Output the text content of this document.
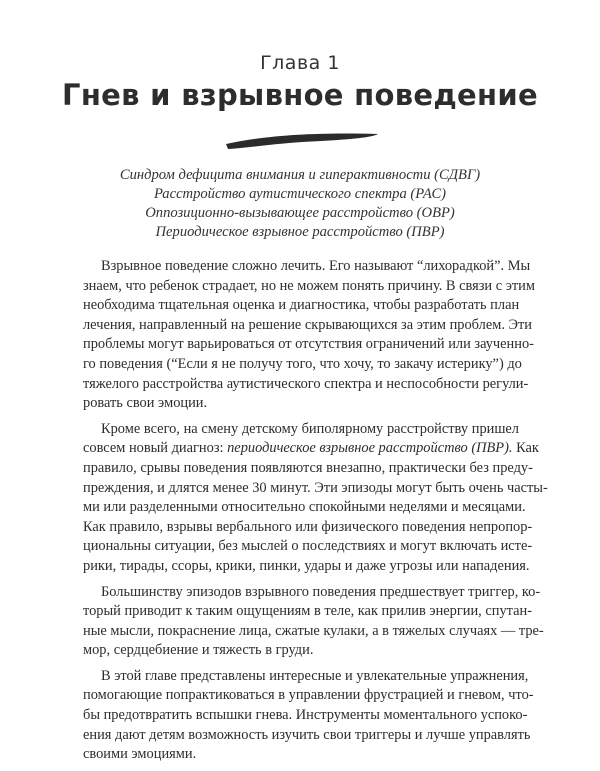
Глава 1
Гнев и взрывное поведение
Синдром дефицита внимания и гиперактивности (СДВГ)
Расстройство аутистического спектра (РАС)
Оппозиционно-вызывающее расстройство (ОВР)
Периодическое взрывное расстройство (ПВР)
Взрывное поведение сложно лечить. Его называют “лихорадкой”. Мы
знаем, что ребенок страдает, но не можем понять причину. В связи с этим
необходима тщательная оценка и диагностика, чтобы разработать план
лечения, направленный на решение скрывающихся за этим проблем. Эти
проблемы могут варьироваться от отсутствия ограничений или заученно-
го поведения (“Если я не получу того, что хочу, то закачу истерику”) до
тяжелого расстройства аутистического спектра и неспособности регули-
ровать свои эмоции.
Кроме всего, на смену детскому биполярному расстройству пришел
совсем новый диагноз: периодическое взрывное расстройство (ПВР). Как
правило, срывы поведения появляются внезапно, практически без преду-
преждения, и длятся менее 30 минут. Эти эпизоды могут быть очень часты-
ми или разделенными относительно спокойными неделями и месяцами.
Как правило, взрывы вербального или физического поведения непропор-
циональны ситуации, без мыслей о последствиях и могут включать исте-
рики, тирады, ссоры, крики, пинки, удары и даже угрозы или нападения.
Большинству эпизодов взрывного поведения предшествует триггер, ко-
торый приводит к таким ощущениям в теле, как прилив энергии, спутан-
ные мысли, покраснение лица, сжатые кулаки, а в тяжелых случаях — тре-
мор, сердцебиение и тяжесть в груди.
В этой главе представлены интересные и увлекательные упражнения,
помогающие попрактиковаться в управлении фрустрацией и гневом, что-
бы предотвратить вспышки гнева. Инструменты моментального успоко-
ения дают детям возможность изучить свои триггеры и лучше управлять
своими эмоциями.
